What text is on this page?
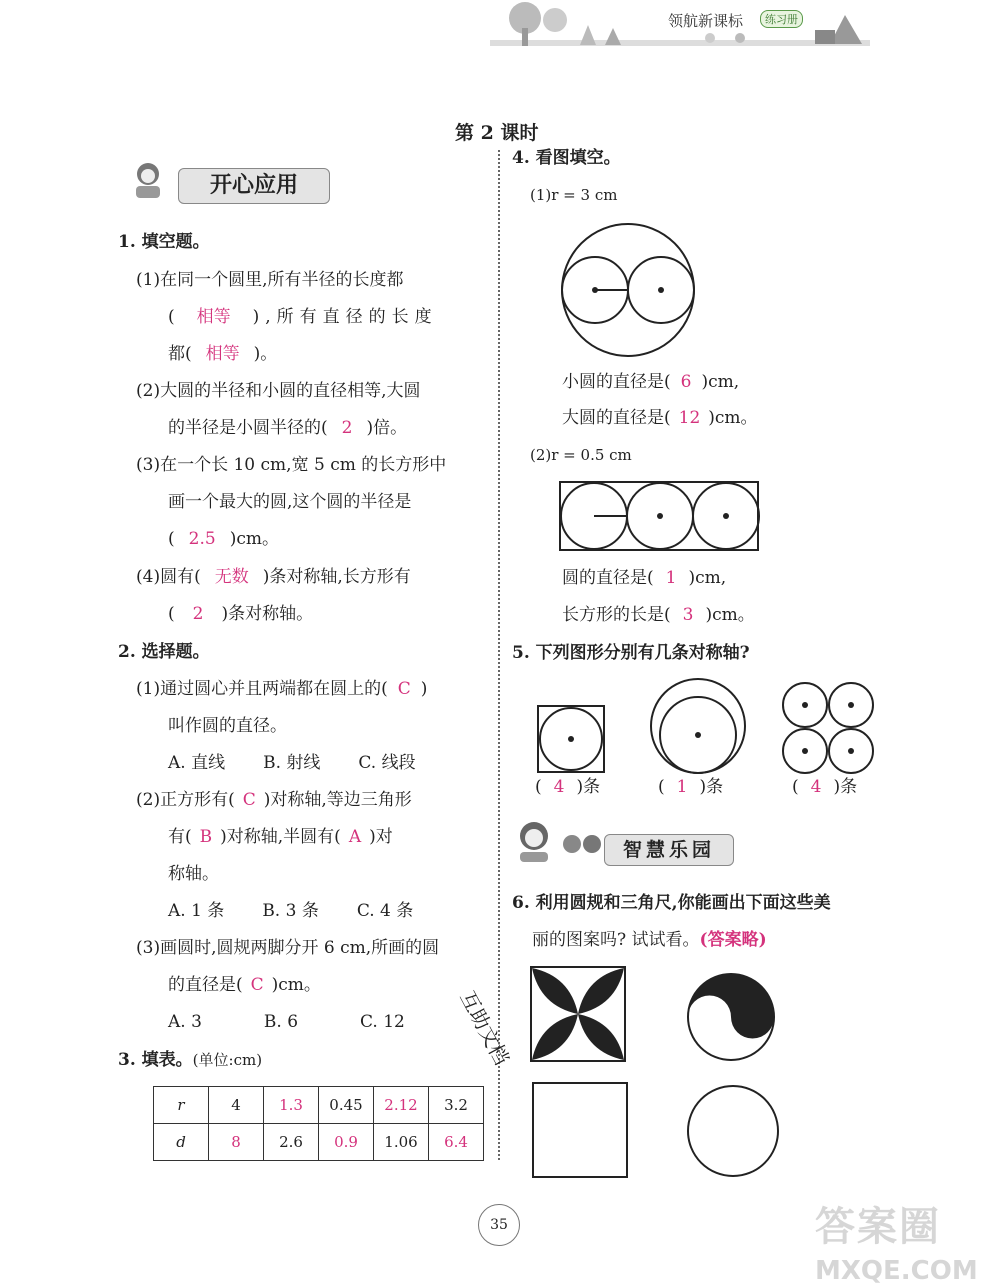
领航新课标	练习册
第 2 课时
开心应用
1. 填空题。
(1)在同一个圆里,所有半径的长度都
( 相等 ),所有直径的长度
都( 相等 )。
(2)大圆的半径和小圆的直径相等,大圆
的半径是小圆半径的( 2 )倍。
(3)在一个长 10 cm,宽 5 cm 的长方形中
画一个最大的圆,这个圆的半径是
( 2.5 )cm。
(4)圆有( 无数 )条对称轴,长方形有
( 2 )条对称轴。
2. 选择题。
(1)通过圆心并且两端都在圆上的( C )
叫作圆的直径。
A. 直线 B. 射线 C. 线段
(2)正方形有( C )对称轴,等边三角形
有( B )对称轴,半圆有( A )对
称轴。
A. 1 条 B. 3 条 C. 4 条
(3)画圆时,圆规两脚分开 6 cm,所画的圆
的直径是( C )cm。
A. 3	B. 6	C. 12
3. 填表。(单位:cm)
r	4	1.3	0.45	2.12	3.2
d	8	2.6	0.9	1.06	6.4
4. 看图填空。
(1)r = 3 cm
小圆的直径是( 6 )cm,
大圆的直径是( 12 )cm。
(2)r = 0.5 cm
圆的直径是( 1 )cm,
长方形的长是( 3 )cm。
5. 下列图形分别有几条对称轴?
( 4 )条	( 1 )条	( 4 )条
智慧乐园
6. 利用圆规和三角尺,你能画出下面这些美
丽的图案吗? 试试看。(答案略)
互助文档
35	答案圈
MXQE.COM
